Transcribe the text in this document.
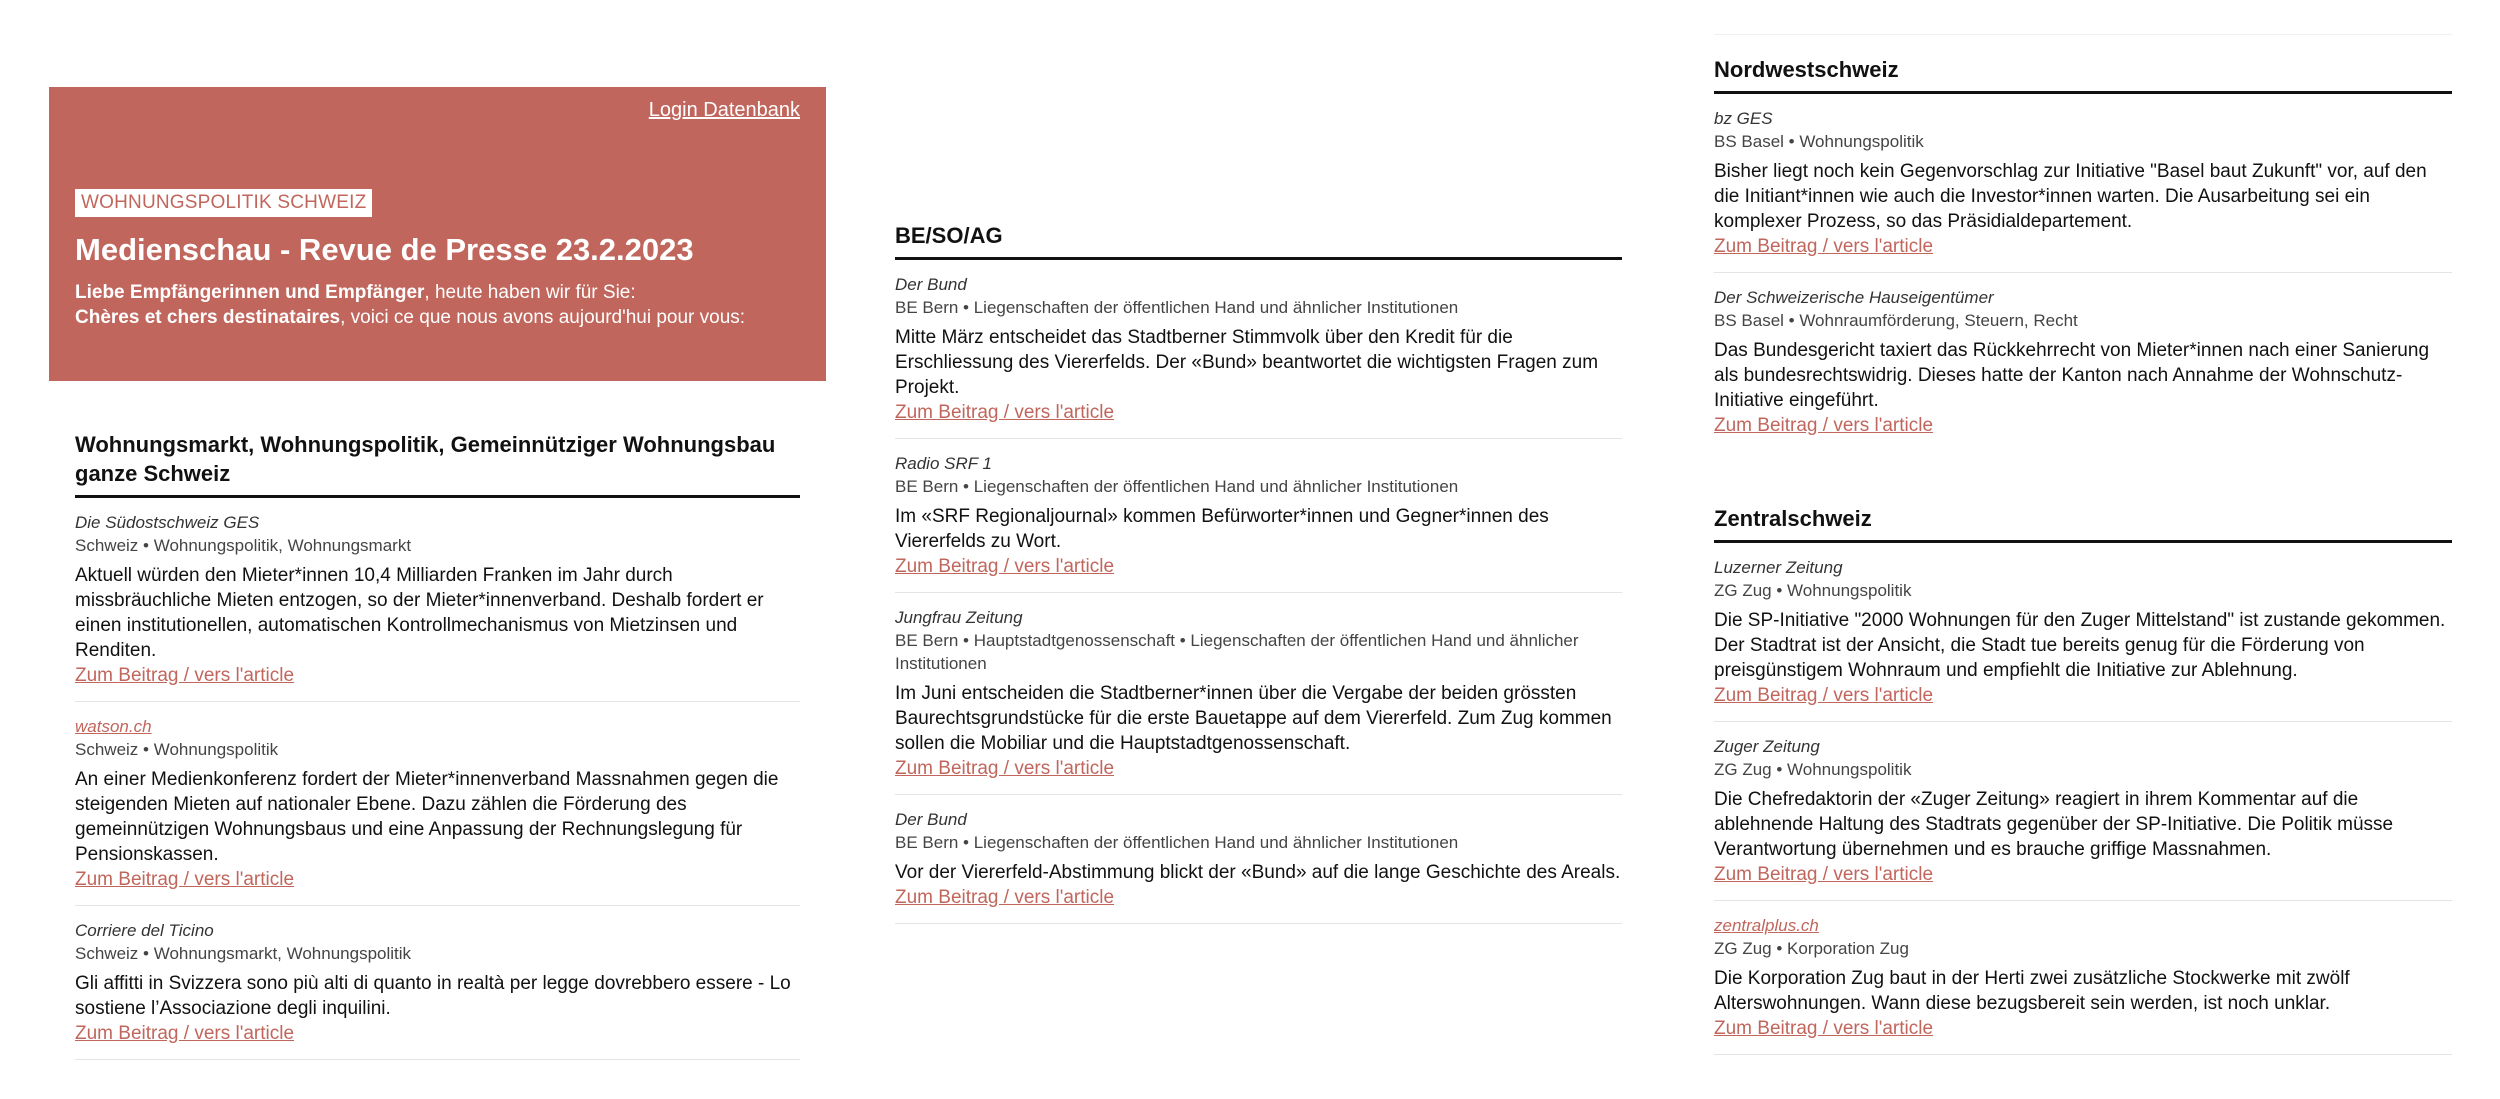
Login Datenbank
WOHNUNGSPOLITIK SCHWEIZ
Medienschau - Revue de Presse 23.2.2023
Liebe Empfängerinnen und Empfänger, heute haben wir für Sie:
Chères et chers destinataires, voici ce que nous avons aujourd'hui pour vous:
Wohnungsmarkt, Wohnungspolitik, Gemeinnütziger Wohnungsbau ganze Schweiz
Die Südostschweiz GES
Schweiz • Wohnungspolitik, Wohnungsmarkt
Aktuell würden den Mieter*innen 10,4 Milliarden Franken im Jahr durch missbräuchliche Mieten entzogen, so der Mieter*innenverband. Deshalb fordert er einen institutionellen, automatischen Kontrollmechanismus von Mietzinsen und Renditen.
Zum Beitrag / vers l'article
watson.ch
Schweiz • Wohnungspolitik
An einer Medienkonferenz fordert der Mieter*innenverband Massnahmen gegen die steigenden Mieten auf nationaler Ebene. Dazu zählen die Förderung des gemeinnützigen Wohnungsbaus und eine Anpassung der Rechnungslegung für Pensionskassen.
Zum Beitrag / vers l'article
Corriere del Ticino
Schweiz • Wohnungsmarkt, Wohnungspolitik
Gli affitti in Svizzera sono più alti di quanto in realtà per legge dovrebbero essere - Lo sostiene l’Associazione degli inquilini.
Zum Beitrag / vers l'article
BE/SO/AG
Der Bund
BE Bern • Liegenschaften der öffentlichen Hand und ähnlicher Institutionen
Mitte März entscheidet das Stadtberner Stimmvolk über den Kredit für die Erschliessung des Viererfelds. Der «Bund» beantwortet die wichtigsten Fragen zum Projekt.
Zum Beitrag / vers l'article
Radio SRF 1
BE Bern • Liegenschaften der öffentlichen Hand und ähnlicher Institutionen
Im «SRF Regionaljournal» kommen Befürworter*innen und Gegner*innen des Viererfelds zu Wort.
Zum Beitrag / vers l'article
Jungfrau Zeitung
BE Bern • Hauptstadtgenossenschaft • Liegenschaften der öffentlichen Hand und ähnlicher Institutionen
Im Juni entscheiden die Stadtberner*innen über die Vergabe der beiden grössten Baurechtsgrundstücke für die erste Bauetappe auf dem Viererfeld. Zum Zug kommen sollen die Mobiliar und die Hauptstadtgenossenschaft.
Zum Beitrag / vers l'article
Der Bund
BE Bern • Liegenschaften der öffentlichen Hand und ähnlicher Institutionen
Vor der Viererfeld-Abstimmung blickt der «Bund» auf die lange Geschichte des Areals.
Zum Beitrag / vers l'article
Nordwestschweiz
bz GES
BS Basel • Wohnungspolitik
Bisher liegt noch kein Gegenvorschlag zur Initiative "Basel baut Zukunft" vor, auf den die Initiant*innen wie auch die Investor*innen warten. Die Ausarbeitung sei ein komplexer Prozess, so das Präsidialdepartement.
Zum Beitrag / vers l'article
Der Schweizerische Hauseigentümer
BS Basel • Wohnraumförderung, Steuern, Recht
Das Bundesgericht taxiert das Rückkehrrecht von Mieter*innen nach einer Sanierung als bundesrechtswidrig. Dieses hatte der Kanton nach Annahme der Wohnschutz-Initiative eingeführt.
Zum Beitrag / vers l'article
Zentralschweiz
Luzerner Zeitung
ZG Zug • Wohnungspolitik
Die SP-Initiative "2000 Wohnungen für den Zuger Mittelstand" ist zustande gekommen. Der Stadtrat ist der Ansicht, die Stadt tue bereits genug für die Förderung von preisgünstigem Wohnraum und empfiehlt die Initiative zur Ablehnung.
Zum Beitrag / vers l'article
Zuger Zeitung
ZG Zug • Wohnungspolitik
Die Chefredaktorin der «Zuger Zeitung» reagiert in ihrem Kommentar auf die ablehnende Haltung des Stadtrats gegenüber der SP-Initiative. Die Politik müsse Verantwortung übernehmen und es brauche griffige Massnahmen.
Zum Beitrag / vers l'article
zentralplus.ch
ZG Zug • Korporation Zug
Die Korporation Zug baut in der Herti zwei zusätzliche Stockwerke mit zwölf Alterswohnungen. Wann diese bezugsbereit sein werden, ist noch unklar.
Zum Beitrag / vers l'article
